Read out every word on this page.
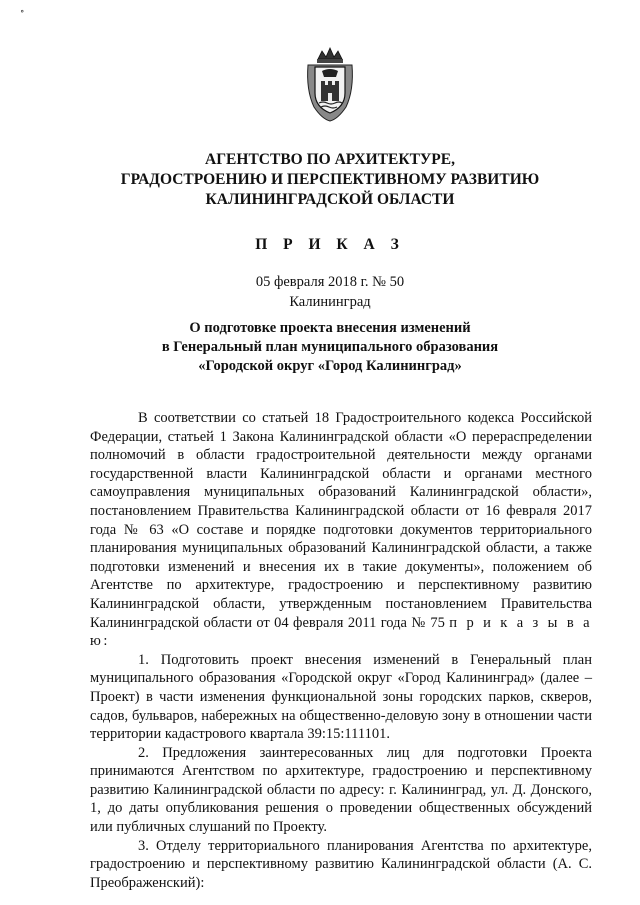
∘
АГЕНТСТВО ПО АРХИТЕКТУРЕ,
ГРАДОСТРОЕНИЮ И ПЕРСПЕКТИВНОМУ РАЗВИТИЮ
КАЛИНИНГРАДСКОЙ ОБЛАСТИ
П Р И К А З
05 февраля 2018 г. № 50
Калининград
О подготовке проекта внесения изменений
в Генеральный план муниципального образования
«Городской округ «Город Калининград»

В соответствии со статьей 18 Градостроительного кодекса Российской Федерации, статьей 1 Закона Калининградской области «О перераспределении полномочий в области градостроительной деятельности между органами государственной власти Калининградской области и органами местного самоуправления муниципальных образований Калининградской области», постановлением Правительства Калининградской области от 16 февраля 2017 года № 63 «О составе и порядке подготовки документов территориального планирования муниципальных образований Калининградской области, а также подготовки изменений и внесения их в такие документы», положением об Агентстве по архитектуре, градостроению и перспективному развитию Калининградской области, утвержденным постановлением Правительства Калининградской области от 04 февраля 2011 года № 75 п р и к а з ы в а ю:

1. Подготовить проект внесения изменений в Генеральный план муниципального образования «Городской округ «Город Калининград» (далее – Проект) в части изменения функциональной зоны городских парков, скверов, садов, бульваров, набережных на общественно-деловую зону в отношении части территории кадастрового квартала 39:15:111101.

2. Предложения заинтересованных лиц для подготовки Проекта принимаются Агентством по архитектуре, градостроению и перспективному развитию Калининградской области по адресу: г. Калининград, ул. Д. Донского, 1, до даты опубликования решения о проведении общественных обсуждений или публичных слушаний по Проекту.

3. Отделу территориального планирования Агентства по архитектуре, градостроению и перспективному развитию Калининградской области (А. С. Преображенский):
